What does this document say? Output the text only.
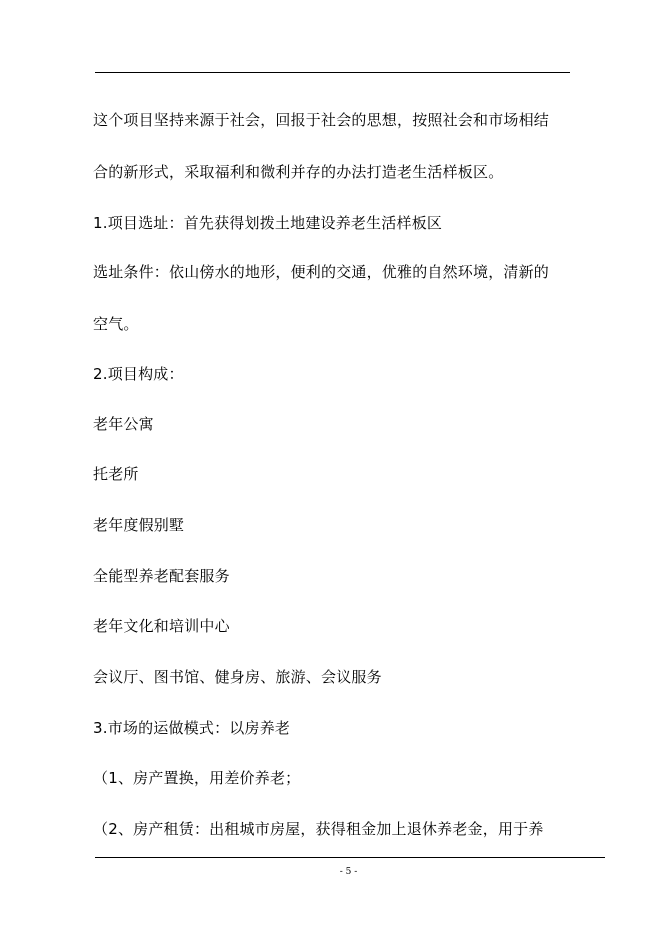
这个项目坚持来源于社会，回报于社会的思想，按照社会和市场相结
合的新形式，采取福利和微利并存的办法打造老生活样板区。
1.项目选址：首先获得划拨土地建设养老生活样板区
选址条件：依山傍水的地形，便利的交通，优雅的自然环境，清新的
空气。
2.项目构成：
老年公寓
托老所
老年度假别墅
全能型养老配套服务
老年文化和培训中心
会议厅、图书馆、健身房、旅游、会议服务
3.市场的运做模式：以房养老
（1、房产置换，用差价养老；
（2、房产租赁：出租城市房屋，获得租金加上退休养老金，用于养
- 5 -
